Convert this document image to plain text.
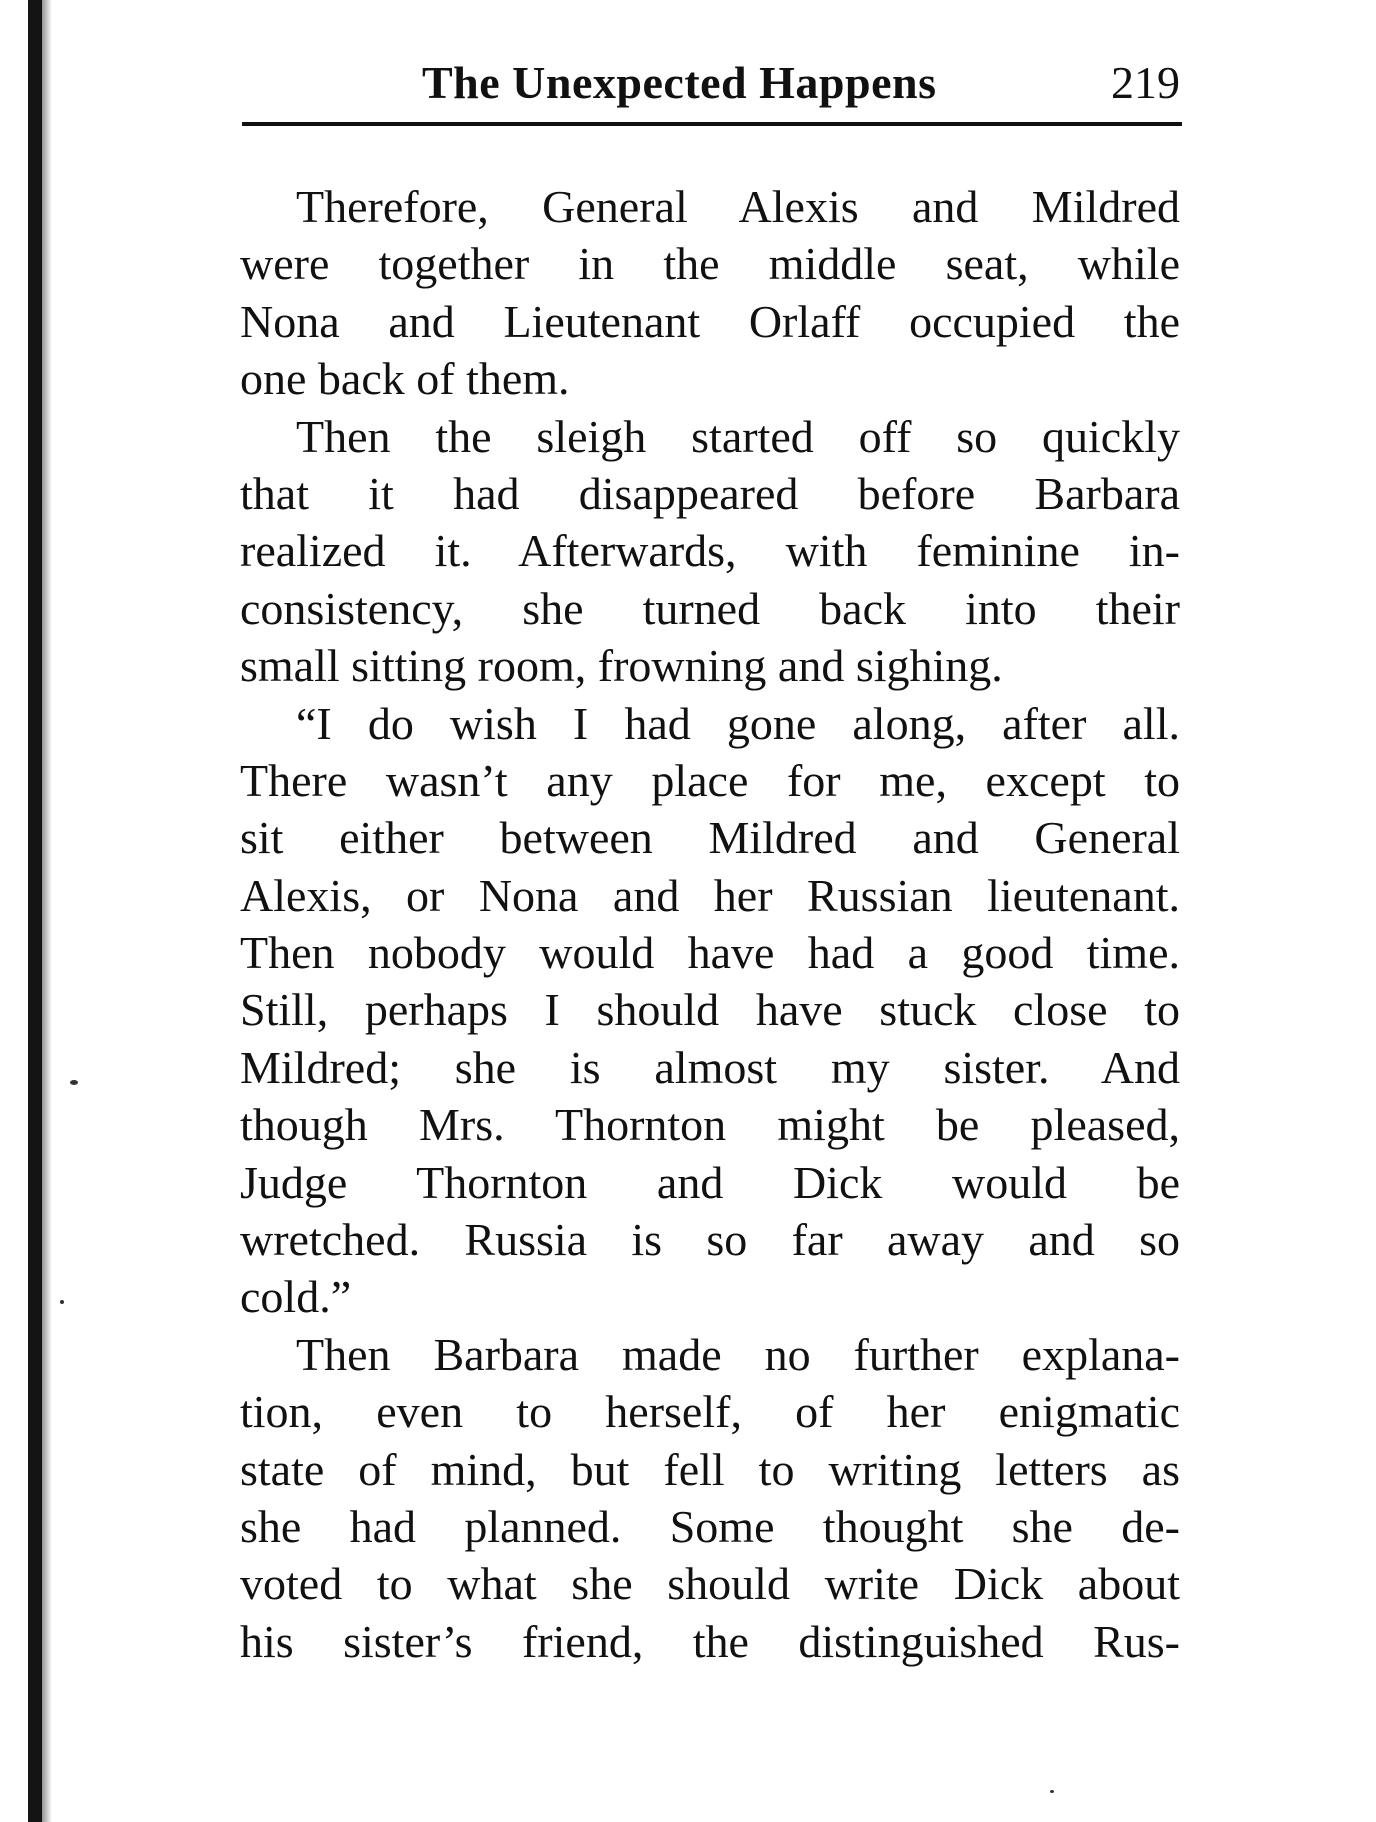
The Unexpected Happens	219
Therefore, General Alexis and Mildred
were together in the middle seat, while
Nona and Lieutenant Orlaff occupied the
one back of them.
Then the sleigh started off so quickly
that it had disappeared before Barbara
realized it. Afterwards, with feminine in-
consistency, she turned back into their
small sitting room, frowning and sighing.
“I do wish I had gone along, after all.
There wasn’t any place for me, except to
sit either between Mildred and General
Alexis, or Nona and her Russian lieutenant.
Then nobody would have had a good time.
Still, perhaps I should have stuck close to
Mildred; she is almost my sister. And
though Mrs. Thornton might be pleased,
Judge Thornton and Dick would be
wretched. Russia is so far away and so
cold.”
Then Barbara made no further explana-
tion, even to herself, of her enigmatic
state of mind, but fell to writing letters as
she had planned. Some thought she de-
voted to what she should write Dick about
his sister’s friend, the distinguished Rus-
